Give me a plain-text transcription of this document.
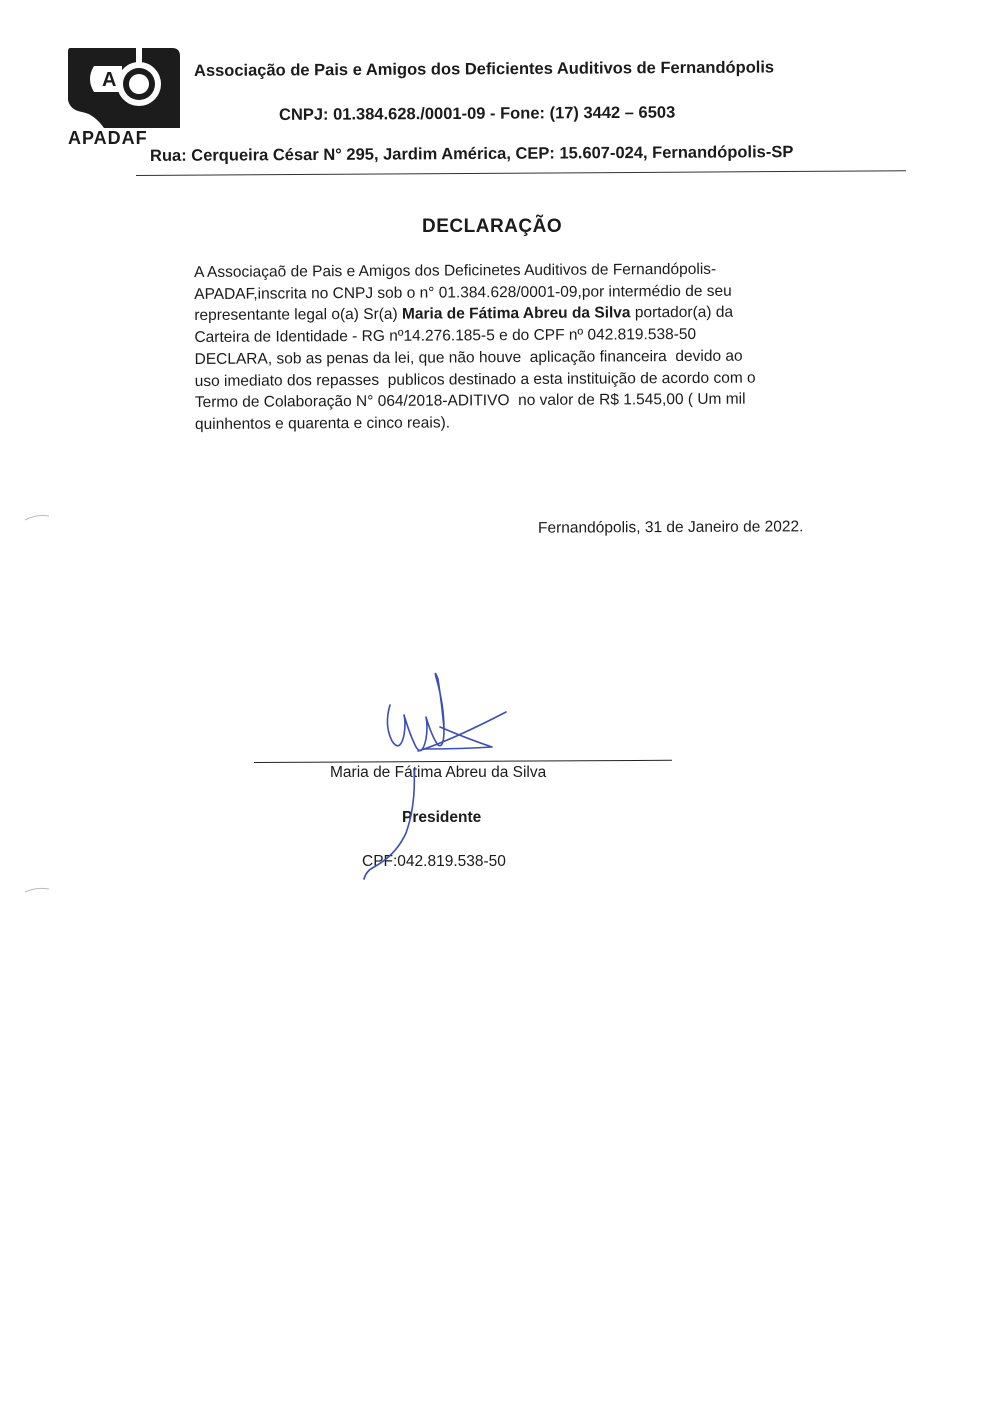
A
APADAF
Associação de Pais e Amigos dos Deficientes Auditivos de Fernandópolis
CNPJ: 01.384.628./0001-09 - Fone: (17) 3442 – 6503
Rua: Cerqueira César N° 295, Jardim América, CEP: 15.607-024, Fernandópolis-SP
DECLARAÇÃO
A Associaçaõ de Pais e Amigos dos Deficinetes Auditivos de Fernandópolis-
APADAF,inscrita no CNPJ sob o n° 01.384.628/0001-09,por intermédio de seu
representante legal o(a) Sr(a) Maria de Fátima Abreu da Silva portador(a) da
Carteira de Identidade - RG nº14.276.185-5 e do CPF nº 042.819.538-50
DECLARA, sob as penas da lei, que não houve  aplicação financeira  devido ao
uso imediato dos repasses  publicos destinado a esta instituição de acordo com o
Termo de Colaboração N° 064/2018-ADITIVO  no valor de R$ 1.545,00 ( Um mil
quinhentos e quarenta e cinco reais).
Fernandópolis, 31 de Janeiro de 2022.
Maria de Fátima Abreu da Silva
Presidente
CPF:042.819.538-50
